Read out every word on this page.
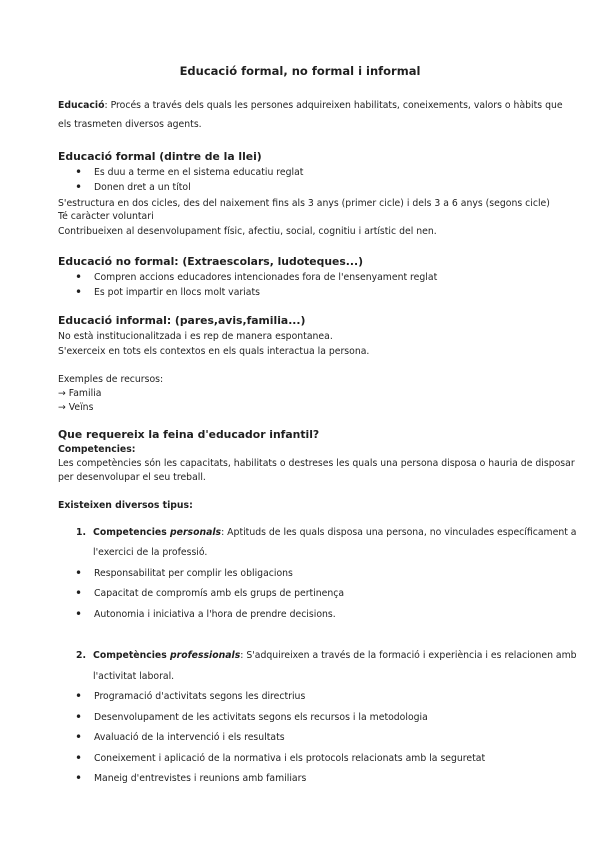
Educació formal, no formal i informal
Educació: Procés a través dels quals les persones adquireixen habilitats, coneixements, valors o hàbits que
els trasmeten diversos agents.
Educació formal (dintre de la llei)
• Es duu a terme en el sistema educatiu reglat
• Donen dret a un títol
S'estructura en dos cicles, des del naixement fins als 3 anys (primer cicle) i dels 3 a 6 anys (segons cicle)
Té caràcter voluntari
Contribueixen al desenvolupament físic, afectiu, social, cognitiu i artístic del nen.
Educació no formal: (Extraescolars, ludoteques...)
• Compren accions educadores intencionades fora de l'ensenyament reglat
• Es pot impartir en llocs molt variats
Educació informal: (pares,avis,familia...)
No està institucionalitzada i es rep de manera espontanea.
S'exerceix en tots els contextos en els quals interactua la persona.
Exemples de recursos:
→ Familia
→ Veïns
Que requereix la feina d'educador infantil?
Competencies:
Les competències són les capacitats, habilitats o destreses les quals una persona disposa o hauria de disposar
per desenvolupar el seu treball.
Existeixen diversos tipus:
1. Competencies personals: Aptituds de les quals disposa una persona, no vinculades específicament a
l'exercici de la professió.
• Responsabilitat per complir les obligacions
• Capacitat de compromís amb els grups de pertinença
• Autonomia i iniciativa a l'hora de prendre decisions.
2. Competències professionals: S'adquireixen a través de la formació i experiència i es relacionen amb
l'activitat laboral.
• Programació d'activitats segons les directrius
• Desenvolupament de les activitats segons els recursos i la metodologia
• Avaluació de la intervenció i els resultats
• Coneixement i aplicació de la normativa i els protocols relacionats amb la seguretat
• Maneig d'entrevistes i reunions amb familiars
